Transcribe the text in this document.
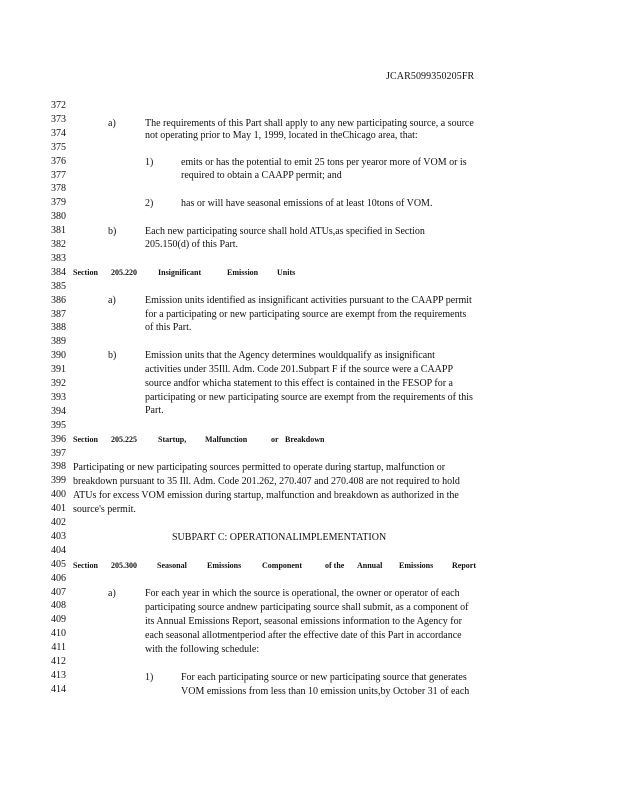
JCAR5099350205FR
372
373
374
375
376
377
378
379
380
381
382
383
384
385
386
387
388
389
390
391
392
393
394
395
396
397
398
399
400
401
402
403
404
405
406
407
408
409
410
411
412
413
414
a)	The requirements of this Part shall apply to any new participating source, a source
not operating prior to May 1, 1999, located in theChicago area, that:
1)	emits or has the potential to emit 25 tons per yearor more of VOM or is
required to obtain a CAAPP permit; and
2)	has or will have seasonal emissions of at least 10tons of VOM.
b)	Each new participating source shall hold ATUs,as specified in Section
205.150(d) of this Part.
Section 205.220	Insignificant	Emission Units
a)	Emission units identified as insignificant activities pursuant to the CAAPP permit
for a participating or new participating source are exempt from the requirements
of this Part.
b)	Emission units that the Agency determines wouldqualify as insignificant
activities under 35Ill. Adm. Code 201.Subpart F if the source were a CAAPP
source andfor whicha statement to this effect is contained in the FESOP for a
participating or new participating source are exempt from the requirements of this
Part.
Section 205.225	Startup, Malfunction	or Breakdown
Participating or new participating sources permitted to operate during startup, malfunction or
breakdown pursuant to 35 Ill. Adm. Code 201.262, 270.407 and 270.408 are not required to hold
ATUs for excess VOM emission during startup, malfunction and breakdown as authorized in the
source's permit.
SUBPART C: OPERATIONALIMPLEMENTATION
Section 205.300	Seasonal	Emissions	Component	of the Annual Emissions Report
a)	For each year in which the source is operational, the owner or operator of each
participating source andnew participating source shall submit, as a component of
its Annual Emissions Report, seasonal emissions information to the Agency for
each seasonal allotmentperiod after the effective date of this Part in accordance
with the following schedule:
1)	For each participating source or new participating source that generates
VOM emissions from less than 10 emission units,by October 31 of each
